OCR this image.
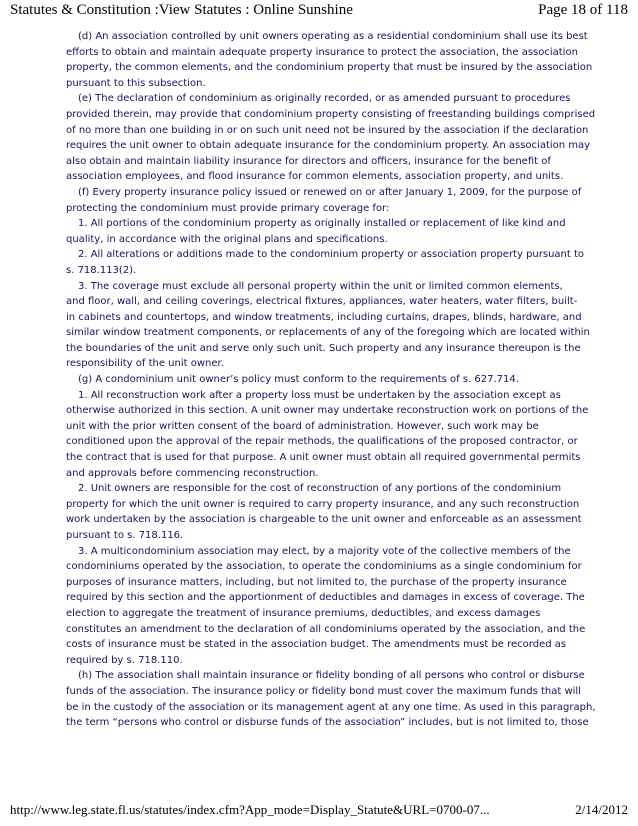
Statutes & Constitution :View Statutes : Online Sunshine	Page 18 of 118
(d) An association controlled by unit owners operating as a residential condominium shall use its best
efforts to obtain and maintain adequate property insurance to protect the association, the association
property, the common elements, and the condominium property that must be insured by the association
pursuant to this subsection.
(e) The declaration of condominium as originally recorded, or as amended pursuant to procedures
provided therein, may provide that condominium property consisting of freestanding buildings comprised
of no more than one building in or on such unit need not be insured by the association if the declaration
requires the unit owner to obtain adequate insurance for the condominium property. An association may
also obtain and maintain liability insurance for directors and officers, insurance for the benefit of
association employees, and flood insurance for common elements, association property, and units.
(f) Every property insurance policy issued or renewed on or after January 1, 2009, for the purpose of
protecting the condominium must provide primary coverage for:
1. All portions of the condominium property as originally installed or replacement of like kind and
quality, in accordance with the original plans and specifications.
2. All alterations or additions made to the condominium property or association property pursuant to
s. 718.113(2).
3. The coverage must exclude all personal property within the unit or limited common elements,
and floor, wall, and ceiling coverings, electrical fixtures, appliances, water heaters, water filters, built-
in cabinets and countertops, and window treatments, including curtains, drapes, blinds, hardware, and
similar window treatment components, or replacements of any of the foregoing which are located within
the boundaries of the unit and serve only such unit. Such property and any insurance thereupon is the
responsibility of the unit owner.
(g) A condominium unit owner’s policy must conform to the requirements of s. 627.714.
1. All reconstruction work after a property loss must be undertaken by the association except as
otherwise authorized in this section. A unit owner may undertake reconstruction work on portions of the
unit with the prior written consent of the board of administration. However, such work may be
conditioned upon the approval of the repair methods, the qualifications of the proposed contractor, or
the contract that is used for that purpose. A unit owner must obtain all required governmental permits
and approvals before commencing reconstruction.
2. Unit owners are responsible for the cost of reconstruction of any portions of the condominium
property for which the unit owner is required to carry property insurance, and any such reconstruction
work undertaken by the association is chargeable to the unit owner and enforceable as an assessment
pursuant to s. 718.116.
3. A multicondominium association may elect, by a majority vote of the collective members of the
condominiums operated by the association, to operate the condominiums as a single condominium for
purposes of insurance matters, including, but not limited to, the purchase of the property insurance
required by this section and the apportionment of deductibles and damages in excess of coverage. The
election to aggregate the treatment of insurance premiums, deductibles, and excess damages
constitutes an amendment to the declaration of all condominiums operated by the association, and the
costs of insurance must be stated in the association budget. The amendments must be recorded as
required by s. 718.110.
(h) The association shall maintain insurance or fidelity bonding of all persons who control or disburse
funds of the association. The insurance policy or fidelity bond must cover the maximum funds that will
be in the custody of the association or its management agent at any one time. As used in this paragraph,
the term “persons who control or disburse funds of the association” includes, but is not limited to, those
http://www.leg.state.fl.us/statutes/index.cfm?App_mode=Display_Statute&URL=0700-07...	2/14/2012
